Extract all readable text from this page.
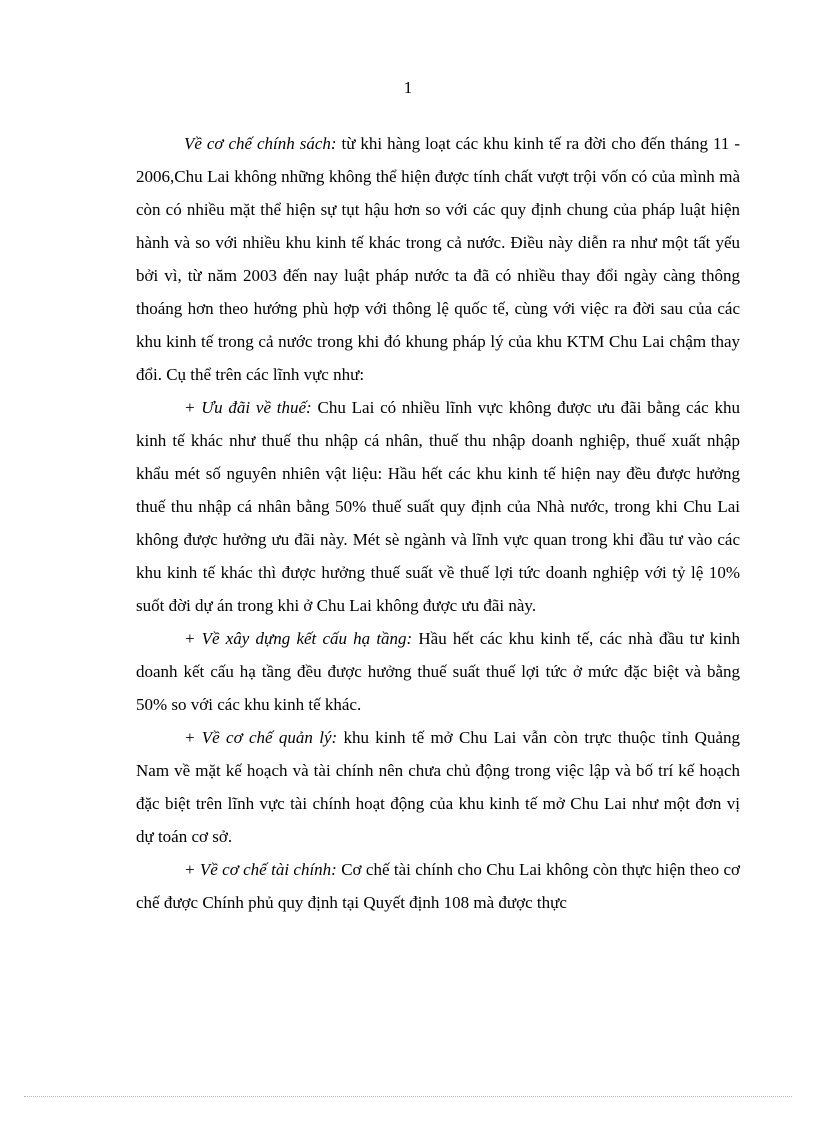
1

Về cơ chế chính sách: từ khi hàng loạt các khu kinh tế ra đời cho đến tháng 11 - 2006,Chu Lai không những không thể hiện được tính chất vượt trội vốn có của mình mà còn có nhiều mặt thể hiện sự tụt hậu hơn so với các quy định chung của pháp luật hiện hành và so với nhiều khu kinh tế khác trong cả nước. Điều này diễn ra như một tất yếu bởi vì, từ năm 2003 đến nay luật pháp nước ta đã có nhiều thay đổi ngày càng thông thoáng hơn theo hướng phù hợp với thông lệ quốc tế, cùng với việc ra đời sau của các khu kinh tế trong cả nước trong khi đó khung pháp lý của khu KTM Chu Lai chậm thay đổi. Cụ thể trên các lĩnh vực như:

+ Ưu đãi về thuế: Chu Lai có nhiều lĩnh vực không được ưu đãi bằng các khu kinh tế khác như thuế thu nhập cá nhân, thuế thu nhập doanh nghiệp, thuế xuất nhập khẩu mét số nguyên nhiên vật liệu: Hầu hết các khu kinh tế hiện nay đều được hưởng thuế thu nhập cá nhân bằng 50% thuế suất quy định của Nhà nước, trong khi Chu Lai không được hưởng ưu đãi này. Mét sè ngành và lĩnh vực quan trong khi đầu tư vào các khu kinh tế khác thì được hưởng thuế suất về thuế lợi tức doanh nghiệp với tỷ lệ 10% suốt đời dự án trong khi ở Chu Lai không được ưu đãi này.

+ Về xây dựng kết cấu hạ tầng: Hầu hết các khu kinh tế, các nhà đầu tư kinh doanh kết cấu hạ tầng đều được hưởng thuế suất thuế lợi tức ở mức đặc biệt và bằng 50% so với các khu kinh tế khác.

+ Về cơ chế quản lý: khu kinh tế mở Chu Lai vẫn còn trực thuộc tỉnh Quảng Nam về mặt kế hoạch và tài chính nên chưa chủ động trong việc lập và bố trí kế hoạch đặc biệt trên lĩnh vực tài chính hoạt động của khu kinh tế mở Chu Lai như một đơn vị dự toán cơ sở.

+ Về cơ chế tài chính: Cơ chế tài chính cho Chu Lai không còn thực hiện theo cơ chế được Chính phủ quy định tại Quyết định 108 mà được thực
